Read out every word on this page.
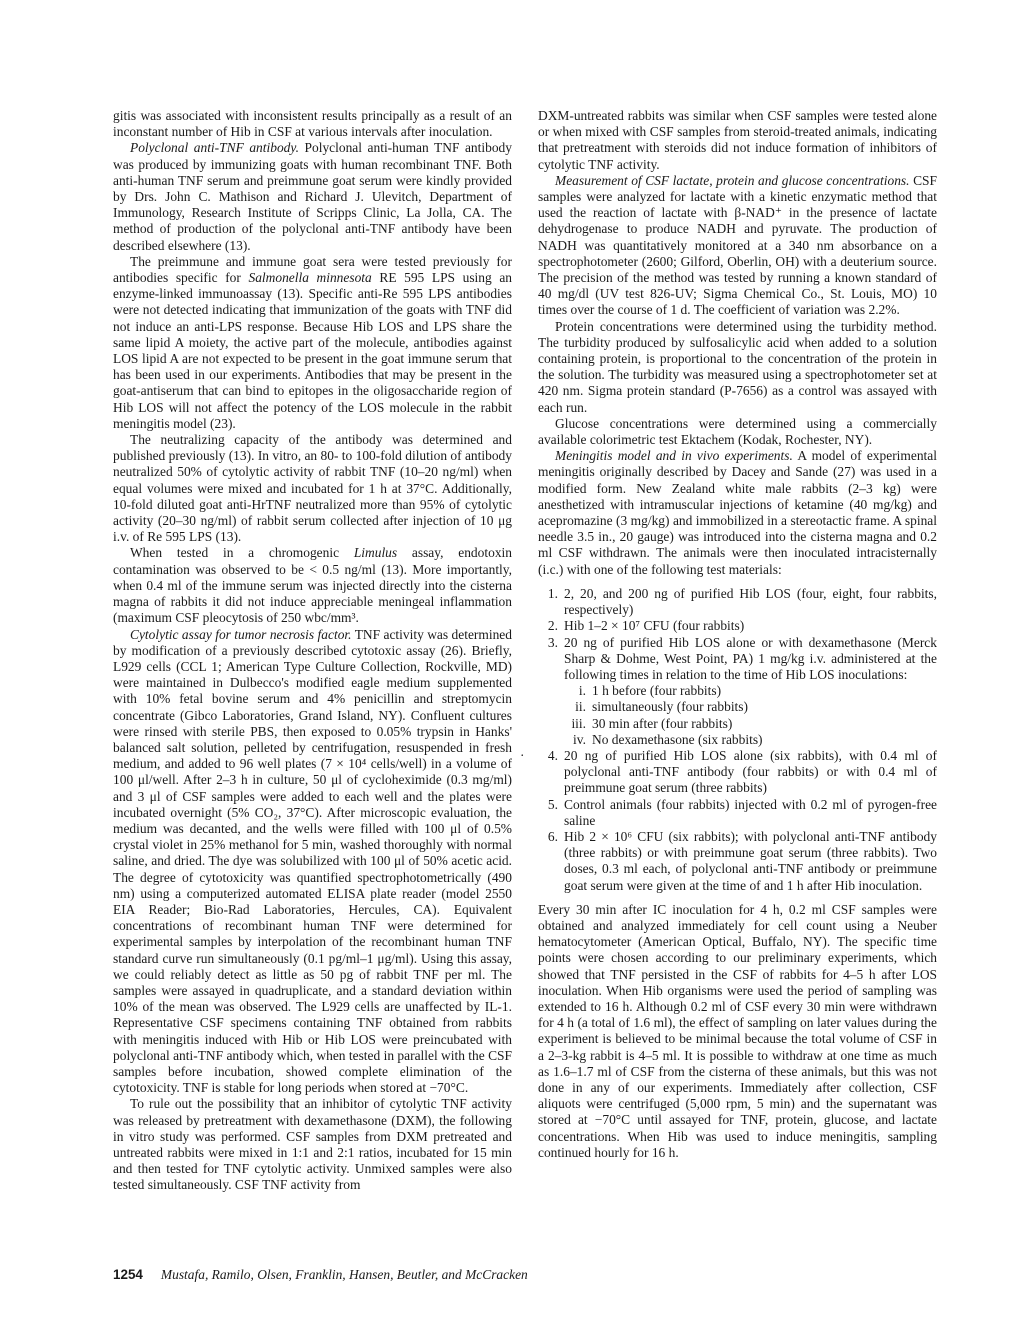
gitis was associated with inconsistent results principally as a result of an inconstant number of Hib in CSF at various intervals after inoculation.

Polyclonal anti-TNF antibody. Polyclonal anti-human TNF antibody was produced by immunizing goats with human recombinant TNF. Both anti-human TNF serum and preimmune goat serum were kindly provided by Drs. John C. Mathison and Richard J. Ulevitch, Department of Immunology, Research Institute of Scripps Clinic, La Jolla, CA. The method of production of the polyclonal anti-TNF antibody have been described elsewhere (13).

The preimmune and immune goat sera were tested previously for antibodies specific for Salmonella minnesota RE 595 LPS using an enzyme-linked immunoassay (13). Specific anti-Re 595 LPS antibodies were not detected indicating that immunization of the goats with TNF did not induce an anti-LPS response. Because Hib LOS and LPS share the same lipid A moiety, the active part of the molecule, antibodies against LOS lipid A are not expected to be present in the goat immune serum that has been used in our experiments. Antibodies that may be present in the goat-antiserum that can bind to epitopes in the oligosaccharide region of Hib LOS will not affect the potency of the LOS molecule in the rabbit meningitis model (23).

The neutralizing capacity of the antibody was determined and published previously (13). In vitro, an 80- to 100-fold dilution of antibody neutralized 50% of cytolytic activity of rabbit TNF (10–20 ng/ml) when equal volumes were mixed and incubated for 1 h at 37°C. Additionally, 10-fold diluted goat anti-HrTNF neutralized more than 95% of cytolytic activity (20–30 ng/ml) of rabbit serum collected after injection of 10 μg i.v. of Re 595 LPS (13).

When tested in a chromogenic Limulus assay, endotoxin contamination was observed to be < 0.5 ng/ml (13). More importantly, when 0.4 ml of the immune serum was injected directly into the cisterna magna of rabbits it did not induce appreciable meningeal inflammation (maximum CSF pleocytosis of 250 wbc/mm³.

Cytolytic assay for tumor necrosis factor. TNF activity was determined by modification of a previously described cytotoxic assay (26). Briefly, L929 cells (CCL 1; American Type Culture Collection, Rockville, MD) were maintained in Dulbecco's modified eagle medium supplemented with 10% fetal bovine serum and 4% penicillin and streptomycin concentrate (Gibco Laboratories, Grand Island, NY). Confluent cultures were rinsed with sterile PBS, then exposed to 0.05% trypsin in Hanks' balanced salt solution, pelleted by centrifugation, resuspended in fresh medium, and added to 96 well plates (7 × 10⁴ cells/well) in a volume of 100 μl/well. After 2–3 h in culture, 50 μl of cycloheximide (0.3 mg/ml) and 3 μl of CSF samples were added to each well and the plates were incubated overnight (5% CO₂, 37°C). After microscopic evaluation, the medium was decanted, and the wells were filled with 100 μl of 0.5% crystal violet in 25% methanol for 5 min, washed thoroughly with normal saline, and dried. The dye was solubilized with 100 μl of 50% acetic acid. The degree of cytotoxicity was quantified spectrophotometrically (490 nm) using a computerized automated ELISA plate reader (model 2550 EIA Reader; Bio-Rad Laboratories, Hercules, CA). Equivalent concentrations of recombinant human TNF were determined for experimental samples by interpolation of the recombinant human TNF standard curve run simultaneously (0.1 pg/ml–1 μg/ml). Using this assay, we could reliably detect as little as 50 pg of rabbit TNF per ml. The samples were assayed in quadruplicate, and a standard deviation within 10% of the mean was observed. The L929 cells are unaffected by IL-1. Representative CSF specimens containing TNF obtained from rabbits with meningitis induced with Hib or Hib LOS were preincubated with polyclonal anti-TNF antibody which, when tested in parallel with the CSF samples before incubation, showed complete elimination of the cytotoxicity. TNF is stable for long periods when stored at −70°C.

To rule out the possibility that an inhibitor of cytolytic TNF activity was released by pretreatment with dexamethasone (DXM), the following in vitro study was performed. CSF samples from DXM pretreated and untreated rabbits were mixed in 1:1 and 2:1 ratios, incubated for 15 min and then tested for TNF cytolytic activity. Unmixed samples were also tested simultaneously. CSF TNF activity from

DXM-untreated rabbits was similar when CSF samples were tested alone or when mixed with CSF samples from steroid-treated animals, indicating that pretreatment with steroids did not induce formation of inhibitors of cytolytic TNF activity.

Measurement of CSF lactate, protein and glucose concentrations. CSF samples were analyzed for lactate with a kinetic enzymatic method that used the reaction of lactate with β-NAD⁺ in the presence of lactate dehydrogenase to produce NADH and pyruvate. The production of NADH was quantitatively monitored at a 340 nm absorbance on a spectrophotometer (2600; Gilford, Oberlin, OH) with a deuterium source. The precision of the method was tested by running a known standard of 40 mg/dl (UV test 826-UV; Sigma Chemical Co., St. Louis, MO) 10 times over the course of 1 d. The coefficient of variation was 2.2%.

Protein concentrations were determined using the turbidity method. The turbidity produced by sulfosalicylic acid when added to a solution containing protein, is proportional to the concentration of the protein in the solution. The turbidity was measured using a spectrophotometer set at 420 nm. Sigma protein standard (P-7656) as a control was assayed with each run.

Glucose concentrations were determined using a commercially available colorimetric test Ektachem (Kodak, Rochester, NY).

Meningitis model and in vivo experiments. A model of experimental meningitis originally described by Dacey and Sande (27) was used in a modified form. New Zealand white male rabbits (2–3 kg) were anesthetized with intramuscular injections of ketamine (40 mg/kg) and acepromazine (3 mg/kg) and immobilized in a stereotactic frame. A spinal needle 3.5 in., 20 gauge) was introduced into the cisterna magna and 0.2 ml CSF withdrawn. The animals were then inoculated intracisternally (i.c.) with one of the following test materials:

1. 2, 20, and 200 ng of purified Hib LOS (four, eight, four rabbits, respectively)
2. Hib 1–2 × 10⁷ CFU (four rabbits)
3. 20 ng of purified Hib LOS alone or with dexamethasone (Merck Sharp & Dohme, West Point, PA) 1 mg/kg i.v. administered at the following times in relation to the time of Hib LOS inoculations:
i. 1 h before (four rabbits)
ii. simultaneously (four rabbits)
iii. 30 min after (four rabbits)
iv. No dexamethasone (six rabbits)
·	4. 20 ng of purified Hib LOS alone (six rabbits), with 0.4 ml of polyclonal anti-TNF antibody (four rabbits) or with 0.4 ml of preimmune goat serum (three rabbits)
5. Control animals (four rabbits) injected with 0.2 ml of pyrogen-free saline
6. Hib 2 × 10⁶ CFU (six rabbits); with polyclonal anti-TNF antibody (three rabbits) or with preimmune goat serum (three rabbits). Two doses, 0.3 ml each, of polyclonal anti-TNF antibody or preimmune goat serum were given at the time of and 1 h after Hib inoculation.

Every 30 min after IC inoculation for 4 h, 0.2 ml CSF samples were obtained and analyzed immediately for cell count using a Neuber hematocytometer (American Optical, Buffalo, NY). The specific time points were chosen according to our preliminary experiments, which showed that TNF persisted in the CSF of rabbits for 4–5 h after LOS inoculation. When Hib organisms were used the period of sampling was extended to 16 h. Although 0.2 ml of CSF every 30 min were withdrawn for 4 h (a total of 1.6 ml), the effect of sampling on later values during the experiment is believed to be minimal because the total volume of CSF in a 2–3-kg rabbit is 4–5 ml. It is possible to withdraw at one time as much as 1.6–1.7 ml of CSF from the cisterna of these animals, but this was not done in any of our experiments. Immediately after collection, CSF aliquots were centrifuged (5,000 rpm, 5 min) and the supernatant was stored at −70°C until assayed for TNF, protein, glucose, and lactate concentrations. When Hib was used to induce meningitis, sampling continued hourly for 16 h.

1254 Mustafa, Ramilo, Olsen, Franklin, Hansen, Beutler, and McCracken
